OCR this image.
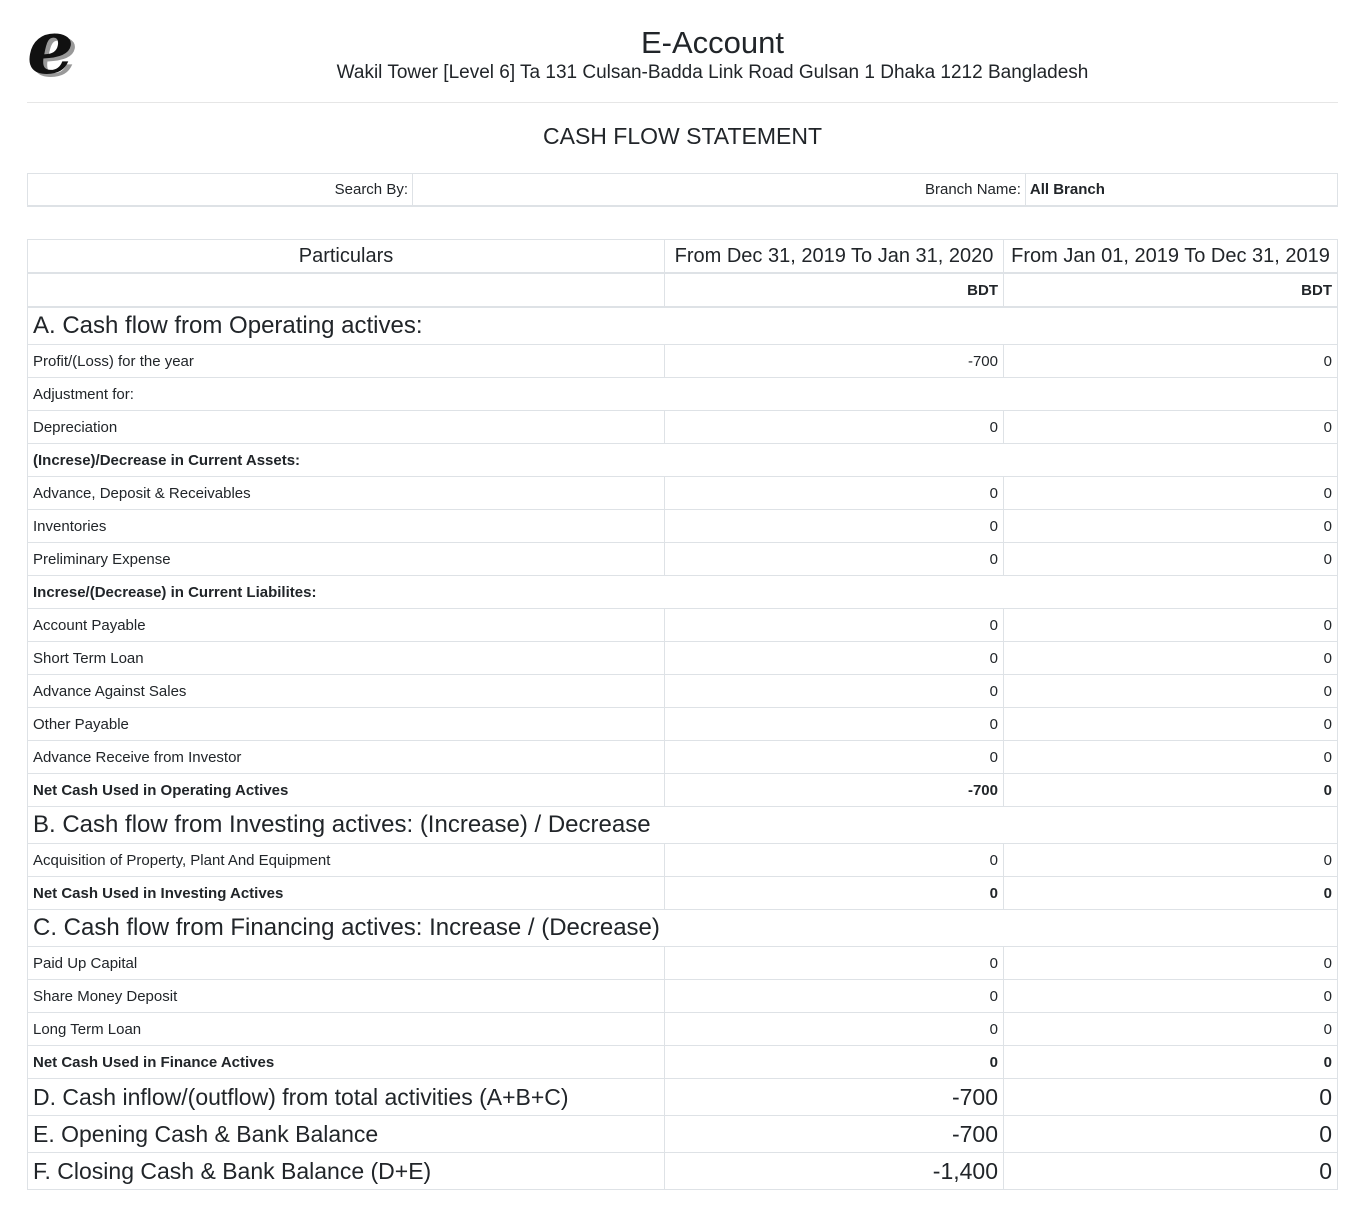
e	E-Account
Wakil Tower [Level 6] Ta 131 Culsan-Badda Link Road Gulsan 1 Dhaka 1212 Bangladesh
CASH FLOW STATEMENT
Search By:		Branch Name:	All Branch
Particulars	From Dec 31, 2019 To Jan 31, 2020	From Jan 01, 2019 To Dec 31, 2019
	BDT	BDT
A. Cash flow from Operating actives:		
Profit/(Loss) for the year	-700	0
Adjustment for:		
Depreciation	0	0
(Increse)/Decrease in Current Assets:		
Advance, Deposit & Receivables	0	0
Inventories	0	0
Preliminary Expense	0	0
Increse/(Decrease) in Current Liabilites:		
Account Payable	0	0
Short Term Loan	0	0
Advance Against Sales	0	0
Other Payable	0	0
Advance Receive from Investor	0	0
Net Cash Used in Operating Actives	-700	0
B. Cash flow from Investing actives: (Increase) / Decrease		
Acquisition of Property, Plant And Equipment	0	0
Net Cash Used in Investing Actives	0	0
C. Cash flow from Financing actives: Increase / (Decrease)		
Paid Up Capital	0	0
Share Money Deposit	0	0
Long Term Loan	0	0
Net Cash Used in Finance Actives	0	0
D. Cash inflow/(outflow) from total activities (A+B+C)	-700	0
E. Opening Cash & Bank Balance	-700	0
F. Closing Cash & Bank Balance (D+E)	-1,400	0
